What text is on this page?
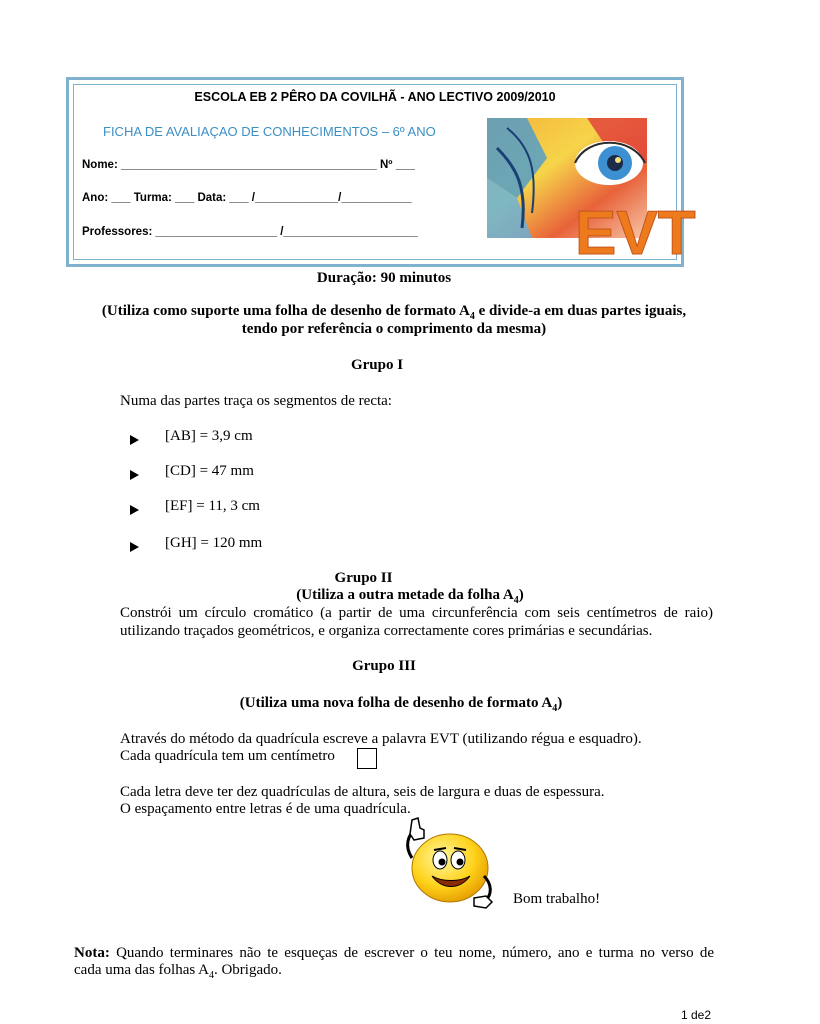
ESCOLA EB 2 PÊRO DA COVILHÃ - ANO LECTIVO 2009/2010
FICHA DE AVALIAÇAO DE CONHECIMENTOS – 6º ANO
Nome: ________________________________________ Nº ___
Ano: ___ Turma: ___ Data: ___ /_____________/___________
Professores: ___________________ /_____________________	EVT
Duração: 90 minutos
(Utiliza como suporte uma folha de desenho de formato $A_4$ e divide-a em duas partes iguais,
tendo por referência o comprimento da mesma)
Grupo I
Numa das partes traça os segmentos de recta:
[AB] = 3,9 cm
[CD] = 47 mm
[EF] = 11, 3 cm
[GH] = 120 mm
Grupo II
(Utiliza a outra metade da folha $A_4$)
Constrói um círculo cromático (a partir de uma circunferência com seis centímetros de raio)
utilizando traçados geométricos, e organiza correctamente cores primárias e secundárias.
Grupo III
(Utiliza uma nova folha de desenho de formato $A_4$)
Através do método da quadrícula escreve a palavra EVT (utilizando régua e esquadro).
Cada quadrícula tem um centímetro
Cada letra deve ter dez quadrículas de altura, seis de largura e duas de espessura.
O espaçamento entre letras é de uma quadrícula.
Bom trabalho!
Nota: Quando terminares não te esqueças de escrever o teu nome, número, ano e turma no verso de
cada uma das folhas $A_4$. Obrigado.
1 de2
